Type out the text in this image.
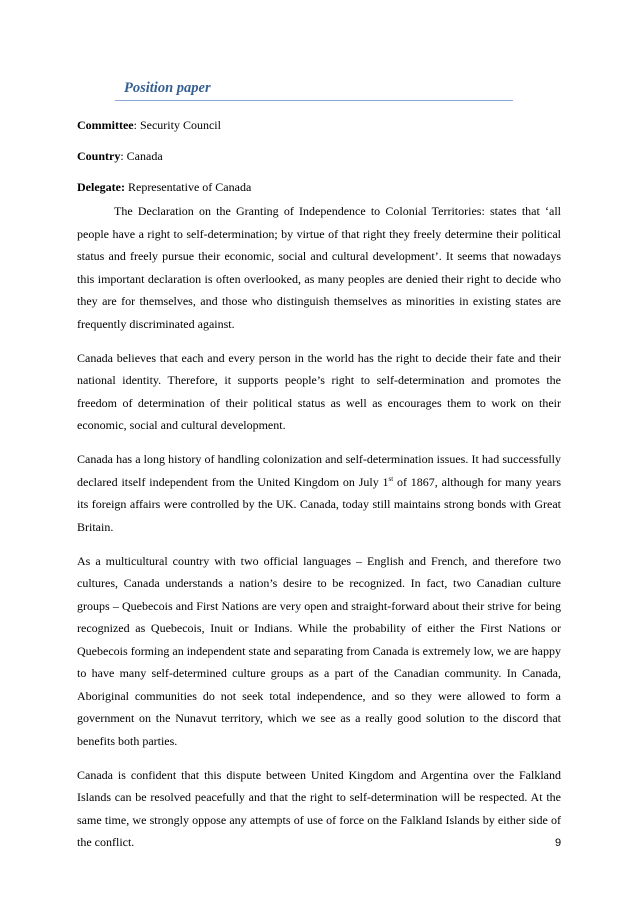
Position paper
Committee: Security Council
Country: Canada
Delegate: Representative of Canada

The Declaration on the Granting of Independence to Colonial Territories: states that ‘all people have a right to self-determination; by virtue of that right they freely determine their political status and freely pursue their economic, social and cultural development’. It seems that nowadays this important declaration is often overlooked, as many peoples are denied their right to decide who they are for themselves, and those who distinguish themselves as minorities in existing states are frequently discriminated against.

Canada believes that each and every person in the world has the right to decide their fate and their national identity. Therefore, it supports people’s right to self-determination and promotes the freedom of determination of their political status as well as encourages them to work on their economic, social and cultural development.

Canada has a long history of handling colonization and self-determination issues. It had successfully declared itself independent from the United Kingdom on July 1st of 1867, although for many years its foreign affairs were controlled by the UK. Canada, today still maintains strong bonds with Great Britain.

As a multicultural country with two official languages – English and French, and therefore two cultures, Canada understands a nation’s desire to be recognized. In fact, two Canadian culture groups – Quebecois and First Nations are very open and straight-forward about their strive for being recognized as Quebecois, Inuit or Indians. While the probability of either the First Nations or Quebecois forming an independent state and separating from Canada is extremely low, we are happy to have many self-determined culture groups as a part of the Canadian community. In Canada, Aboriginal communities do not seek total independence, and so they were allowed to form a government on the Nunavut territory, which we see as a really good solution to the discord that benefits both parties.

Canada is confident that this dispute between United Kingdom and Argentina over the Falkland Islands can be resolved peacefully and that the right to self-determination will be respected. At the same time, we strongly oppose any attempts of use of force on the Falkland Islands by either side of the conflict.	9
